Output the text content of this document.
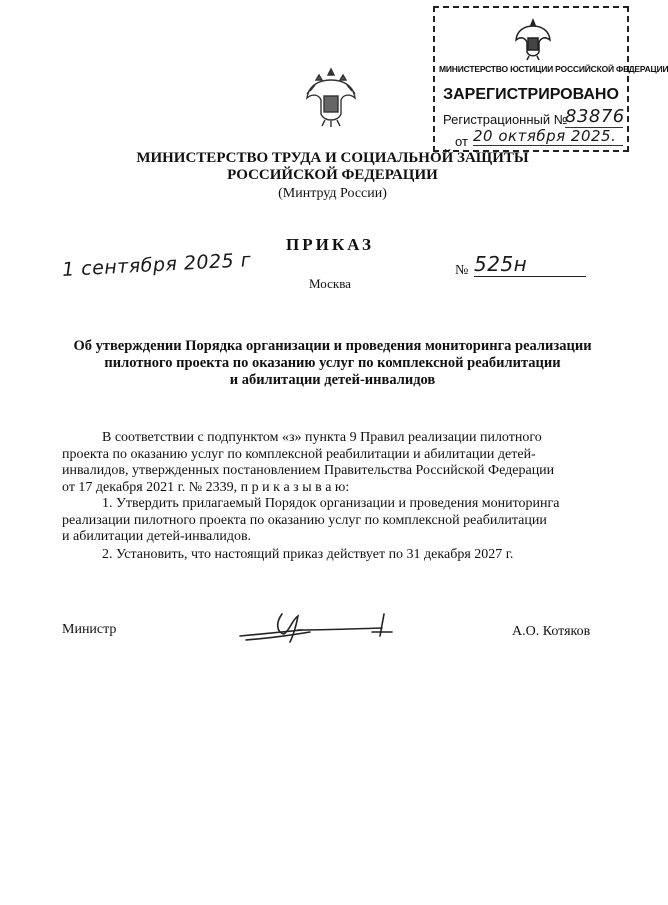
МИНИСТЕРСТВО ЮСТИЦИИ РОССИЙСКОЙ ФЕДЕРАЦИИ
ЗАРЕГИСТРИРОВАНО
Регистрационный №
83876
от 20 октября 2025.
МИНИСТЕРСТВО ТРУДА И СОЦИАЛЬНОЙ ЗАЩИТЫ
РОССИЙСКОЙ ФЕДЕРАЦИИ
(Минтруд России)
ПРИКАЗ
1 сентября 2025 г	№ 525н
Москва
Об утверждении Порядка организации и проведения мониторинга реализации
пилотного проекта по оказанию услуг по комплексной реабилитации
и абилитации детей-инвалидов
В соответствии с подпунктом «з» пункта 9 Правил реализации пилотного
проекта по оказанию услуг по комплексной реабилитации и абилитации детей-
инвалидов, утвержденных постановлением Правительства Российской Федерации
от 17 декабря 2021 г. № 2339, п р и к а з ы в а ю:
1. Утвердить прилагаемый Порядок организации и проведения мониторинга
реализации пилотного проекта по оказанию услуг по комплексной реабилитации
и абилитации детей-инвалидов.
2. Установить, что настоящий приказ действует по 31 декабря 2027 г.
Министр	А.О. Котяков
